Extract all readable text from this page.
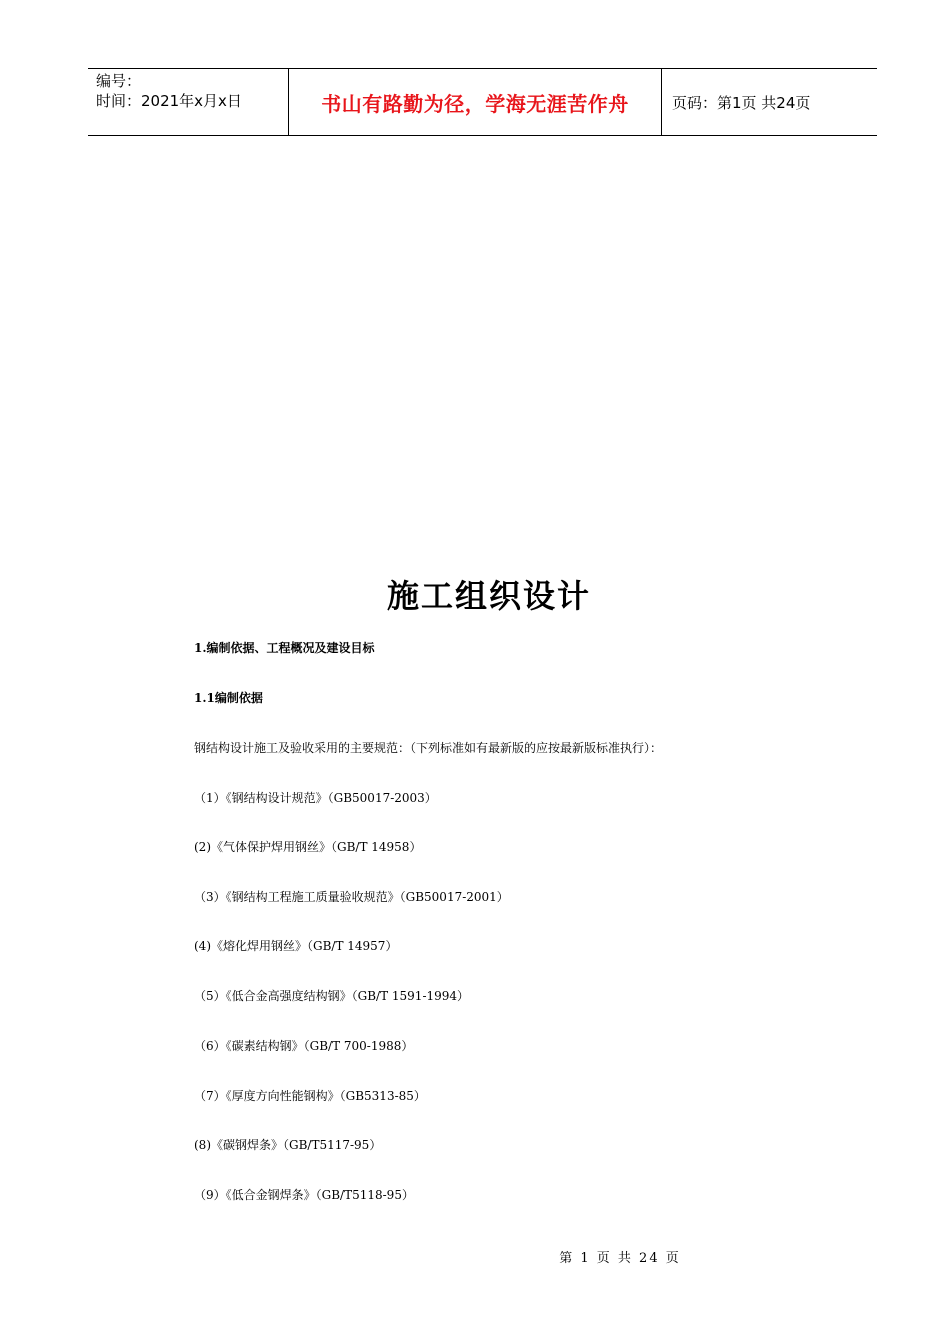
编号：
时间：2021年x月x日	书山有路勤为径，学海无涯苦作舟	页码：第1页 共24页
施工组织设计
1.编制依据、工程概况及建设目标
1.1编制依据
钢结构设计施工及验收采用的主要规范：（下列标准如有最新版的应按最新版标准执行）：
（1）《钢结构设计规范》（GB50017-2003）
(2)《气体保护焊用钢丝》（GB/T 14958）
（3）《钢结构工程施工质量验收规范》（GB50017-2001）
(4)《熔化焊用钢丝》（GB/T 14957）
（5）《低合金高强度结构钢》（GB/T 1591-1994）
（6）《碳素结构钢》（GB/T 700-1988）
（7）《厚度方向性能钢构》（GB5313-85）
(8)《碳钢焊条》（GB/T5117-95）
（9）《低合金钢焊条》（GB/T5118-95）
第 1 页 共 24 页
